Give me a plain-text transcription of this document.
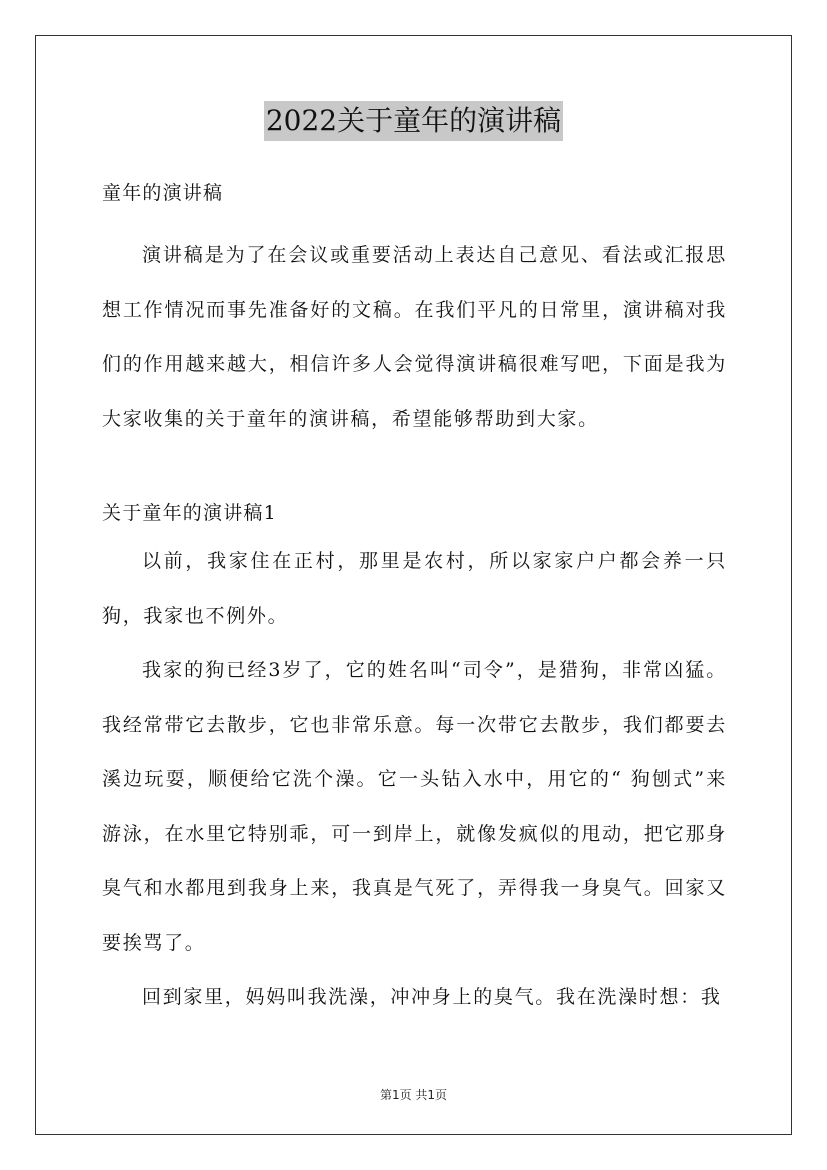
2022关于童年的演讲稿
童年的演讲稿

演讲稿是为了在会议或重要活动上表达自己意见、看法或汇报思想工作情况而事先准备好的文稿。在我们平凡的日常里，演讲稿对我们的作用越来越大，相信许多人会觉得演讲稿很难写吧，下面是我为大家收集的关于童年的演讲稿，希望能够帮助到大家。

关于童年的演讲稿1

以前，我家住在正村，那里是农村，所以家家户户都会养一只狗，我家也不例外。

我家的狗已经3岁了，它的姓名叫“司令”，是猎狗，非常凶猛。我经常带它去散步，它也非常乐意。每一次带它去散步，我们都要去溪边玩耍，顺便给它洗个澡。它一头钻入水中，用它的“ 狗刨式”来游泳，在水里它特别乖，可一到岸上，就像发疯似的甩动，把它那身臭气和水都甩到我身上来，我真是气死了，弄得我一身臭气。回家又要挨骂了。

回到家里，妈妈叫我洗澡，冲冲身上的臭气。我在洗澡时想：我

第1页 共1页
